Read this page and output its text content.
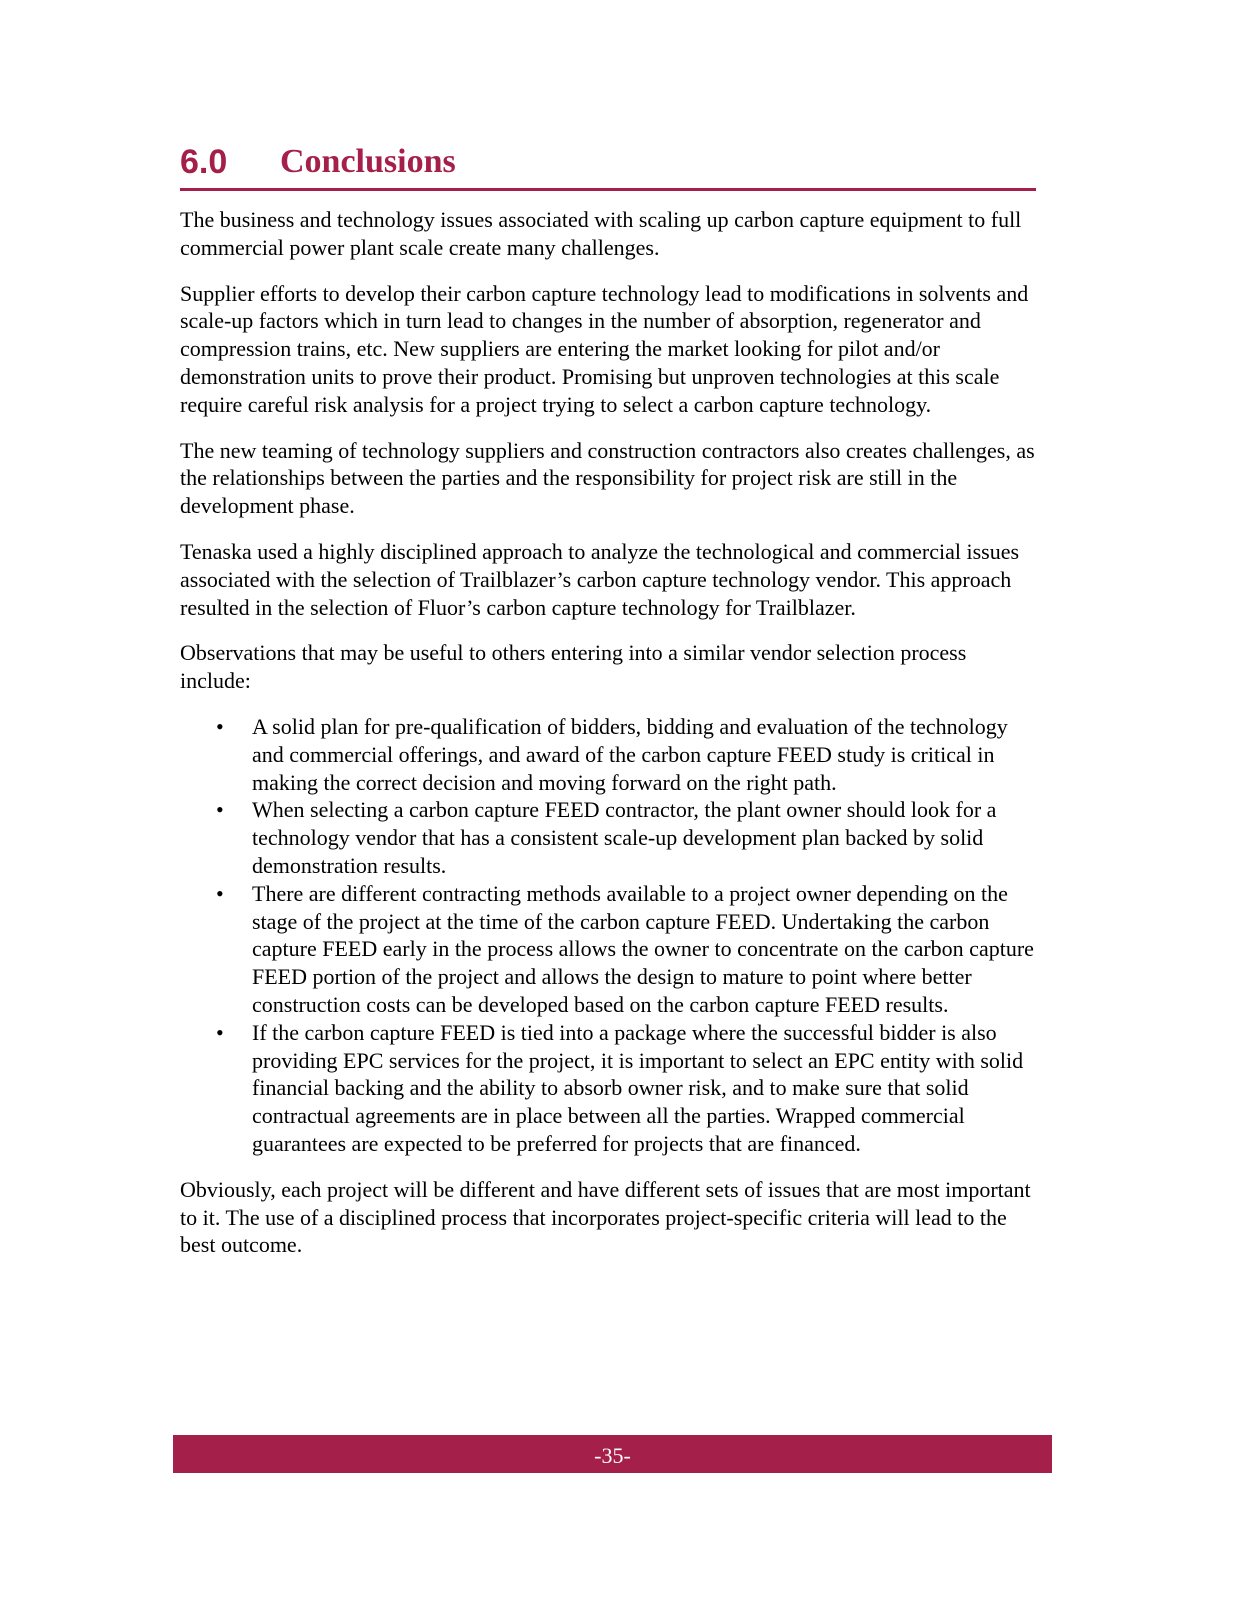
6.0 Conclusions

The business and technology issues associated with scaling up carbon capture equipment to full commercial power plant scale create many challenges.

Supplier efforts to develop their carbon capture technology lead to modifications in solvents and scale-up factors which in turn lead to changes in the number of absorption, regenerator and compression trains, etc. New suppliers are entering the market looking for pilot and/or demonstration units to prove their product. Promising but unproven technologies at this scale require careful risk analysis for a project trying to select a carbon capture technology.

The new teaming of technology suppliers and construction contractors also creates challenges, as the relationships between the parties and the responsibility for project risk are still in the development phase.

Tenaska used a highly disciplined approach to analyze the technological and commercial issues associated with the selection of Trailblazer’s carbon capture technology vendor. This approach resulted in the selection of Fluor’s carbon capture technology for Trailblazer.

Observations that may be useful to others entering into a similar vendor selection process include:

• A solid plan for pre-qualification of bidders, bidding and evaluation of the technology and commercial offerings, and award of the carbon capture FEED study is critical in making the correct decision and moving forward on the right path.
• When selecting a carbon capture FEED contractor, the plant owner should look for a technology vendor that has a consistent scale-up development plan backed by solid demonstration results.
• There are different contracting methods available to a project owner depending on the stage of the project at the time of the carbon capture FEED. Undertaking the carbon capture FEED early in the process allows the owner to concentrate on the carbon capture FEED portion of the project and allows the design to mature to point where better construction costs can be developed based on the carbon capture FEED results.
• If the carbon capture FEED is tied into a package where the successful bidder is also providing EPC services for the project, it is important to select an EPC entity with solid financial backing and the ability to absorb owner risk, and to make sure that solid contractual agreements are in place between all the parties. Wrapped commercial guarantees are expected to be preferred for projects that are financed.

Obviously, each project will be different and have different sets of issues that are most important to it. The use of a disciplined process that incorporates project-specific criteria will lead to the best outcome.

-35-
